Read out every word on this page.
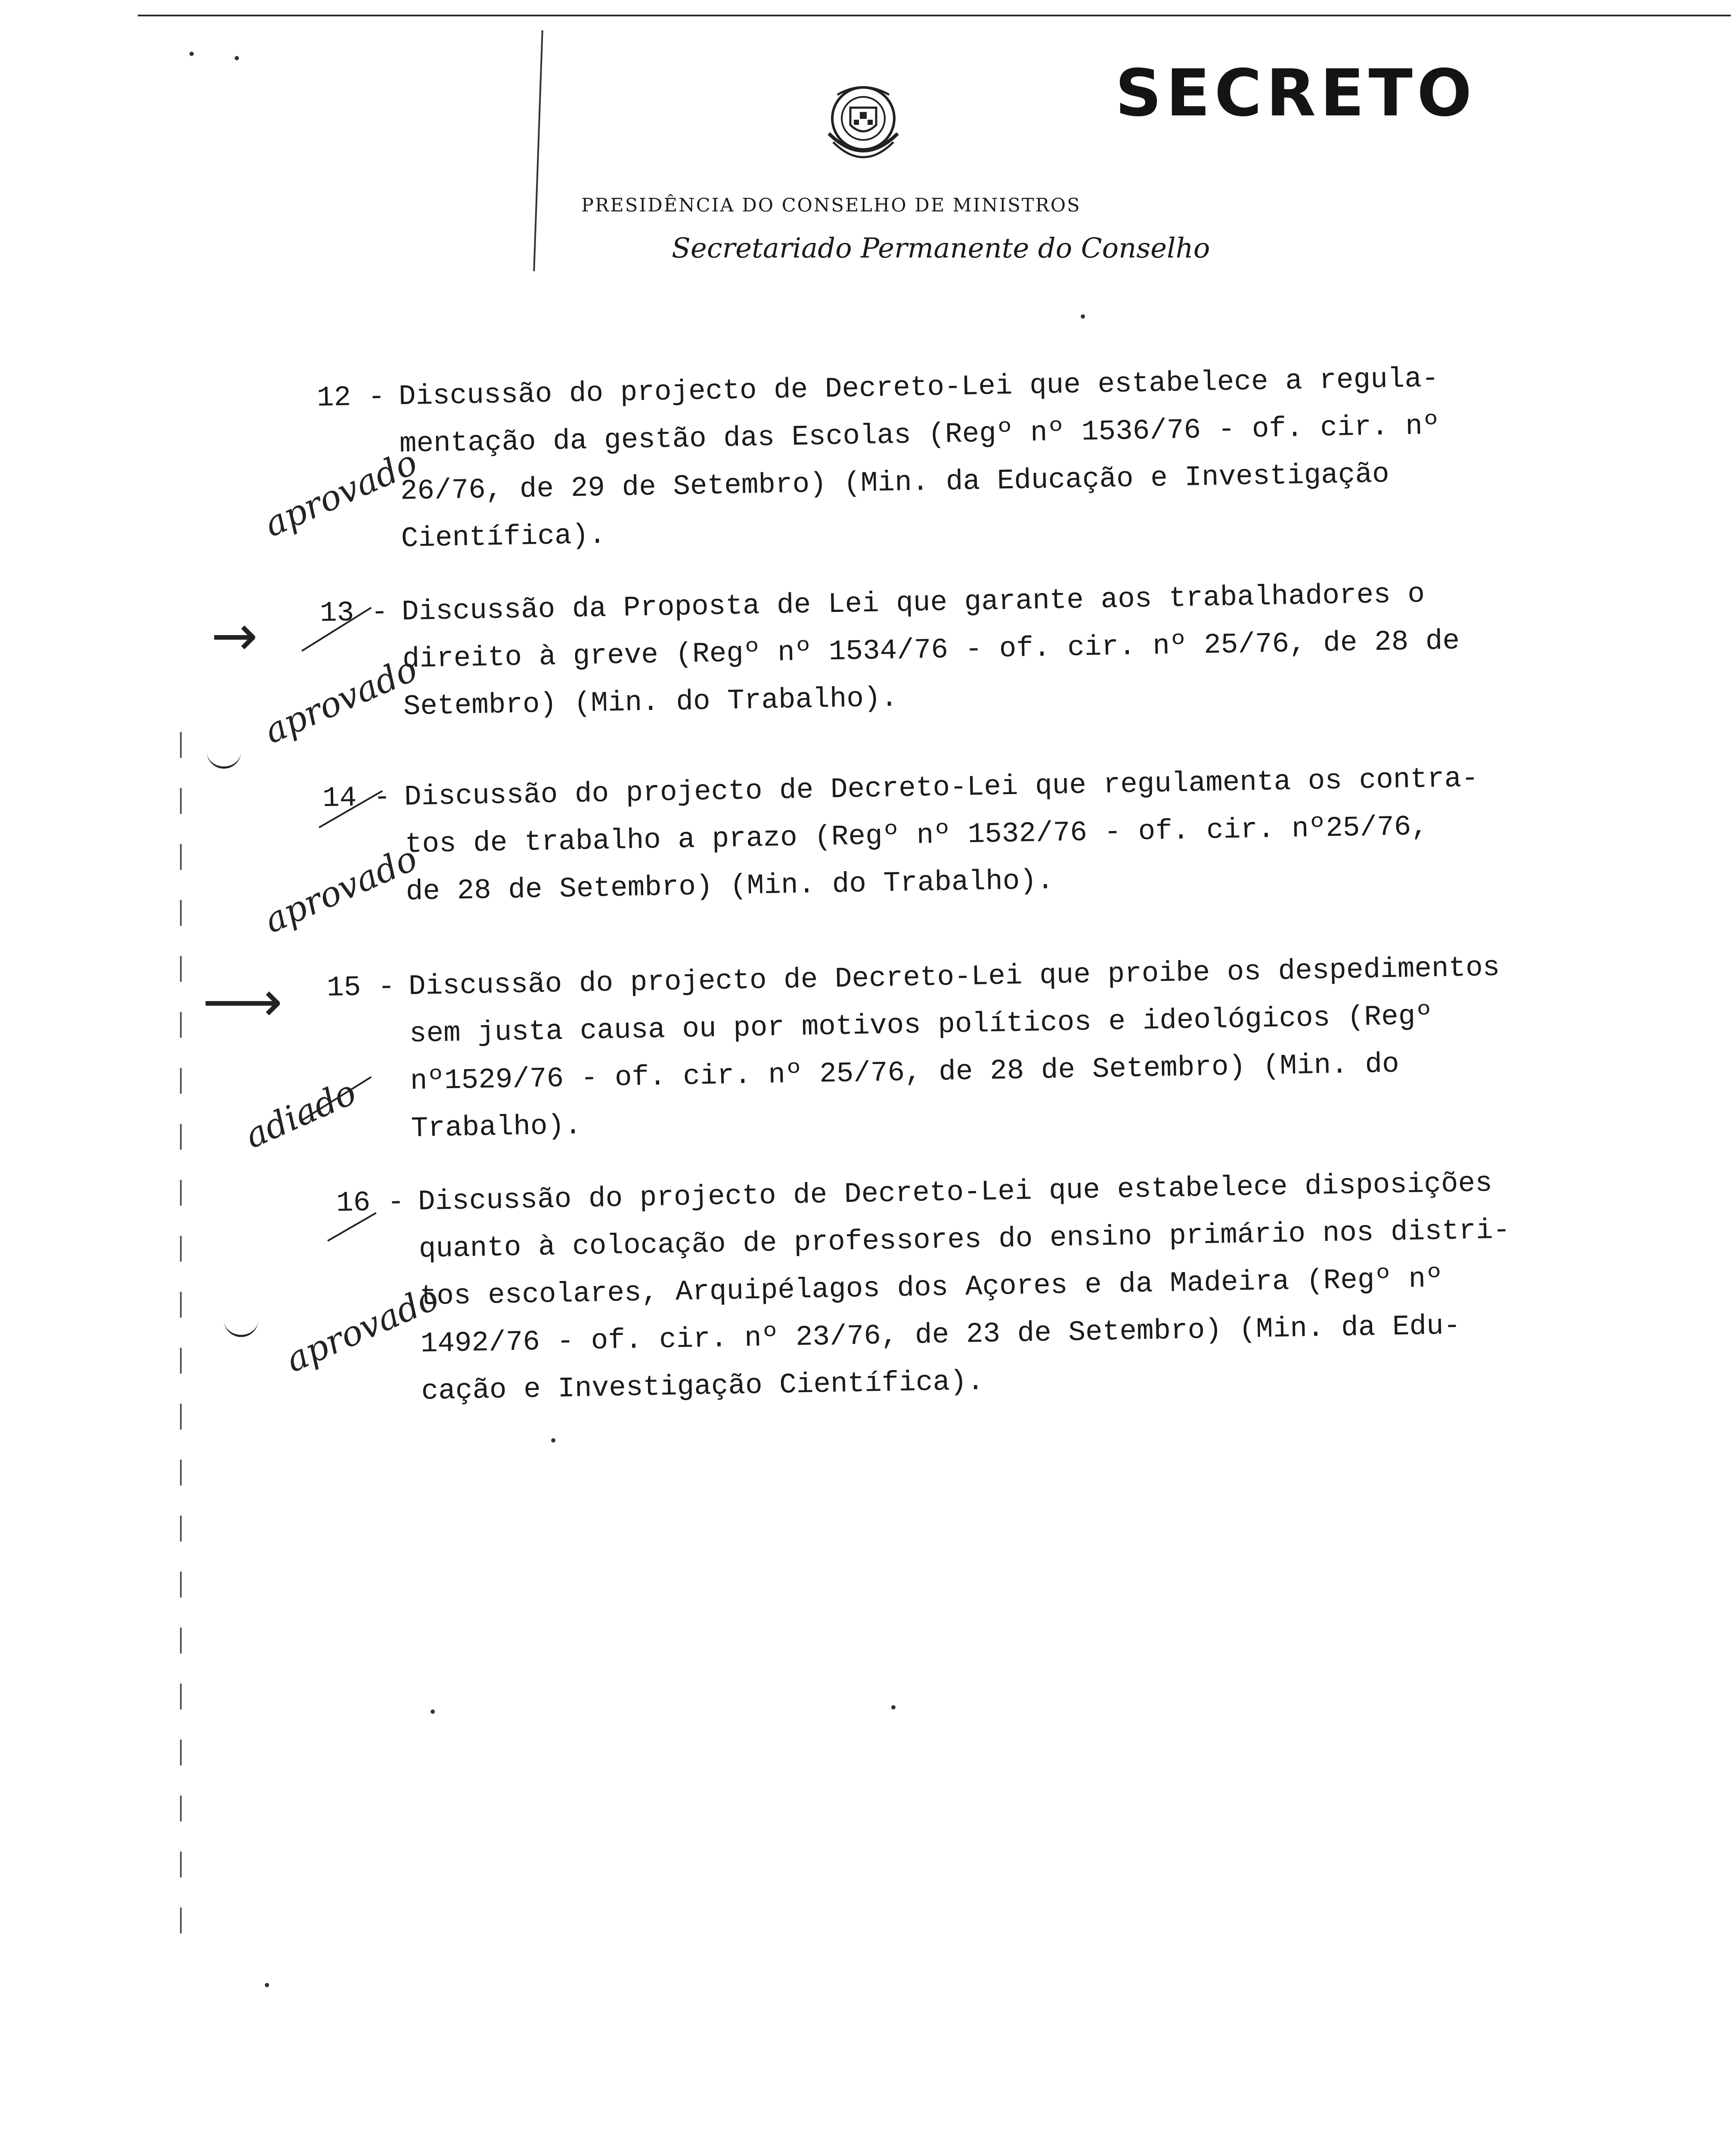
SECRETO
PRESIDÊNCIA DO CONSELHO DE MINISTROS
Secretariado Permanente do Conselho
12 - Discussão do projecto de Decreto-Lei que estabelece a regula-
mentação da gestão das Escolas (Regº nº 1536/76 - of. cir. nº
26/76, de 29 de Setembro) (Min. da Educação e Investigação
Científica).
aprovado
13 - Discussão da Proposta de Lei que garante aos trabalhadores o
direito à greve (Regº nº 1534/76 - of. cir. nº 25/76, de 28 de
Setembro) (Min. do Trabalho).
→
aprovado
14 - Discussão do projecto de Decreto-Lei que regulamenta os contra-
tos de trabalho a prazo (Regº nº 1532/76 - of. cir. nº25/76,
de 28 de Setembro) (Min. do Trabalho).
aprovado
15 - Discussão do projecto de Decreto-Lei que proibe os despedimentos
sem justa causa ou por motivos políticos e ideológicos (Regº
nº1529/76 - of. cir. nº 25/76, de 28 de Setembro) (Min. do
Trabalho).
⟶
adiado
16 - Discussão do projecto de Decreto-Lei que estabelece disposições
quanto à colocação de professores do ensino primário nos distri-
tos escolares, Arquipélagos dos Açores e da Madeira (Regº nº
1492/76 - of. cir. nº 23/76, de 23 de Setembro) (Min. da Edu-
cação e Investigação Científica).
aprovado
